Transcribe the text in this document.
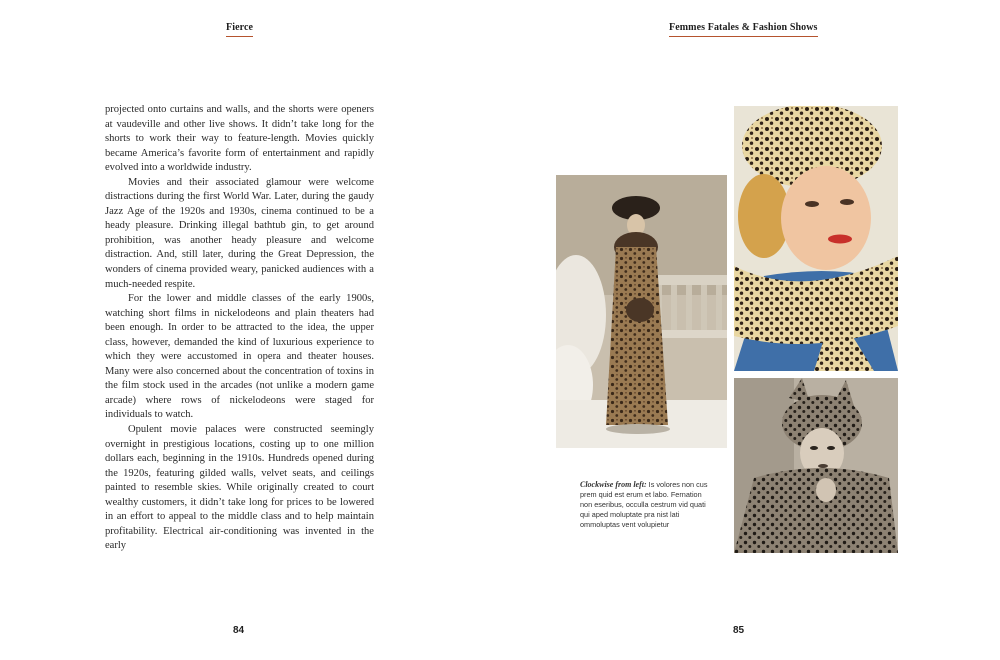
Fierce	Femmes Fatales & Fashion Shows

projected onto curtains and walls, and the shorts were openers at vaudeville and other live shows. It didn’t take long for the shorts to work their way to feature-length. Movies quickly became America’s favorite form of entertainment and rapidly evolved into a worldwide industry.

Movies and their associated glamour were welcome distractions during the first World War. Later, during the gaudy Jazz Age of the 1920s and 1930s, cinema continued to be a heady pleasure. Drinking illegal bathtub gin, to get around prohibition, was another heady pleasure and welcome distraction. And, still later, during the Great Depression, the wonders of cinema provided weary, panicked audiences with a much-needed respite.

For the lower and middle classes of the early 1900s, watching short films in nickelodeons and plain theaters had been enough. In order to be attracted to the idea, the upper class, however, demanded the kind of luxurious experience to which they were accustomed in opera and theater houses. Many were also concerned about the concentration of toxins in the film stock used in the arcades (not unlike a modern game arcade) where rows of nickelodeons were staged for individuals to watch.

Opulent movie palaces were constructed seemingly overnight in prestigious locations, costing up to one million dollars each, beginning in the 1910s. Hundreds opened during the 1920s, featuring gilded walls, velvet seats, and ceilings painted to resemble skies. While originally created to court wealthy customers, it didn’t take long for prices to be lowered in an effort to appeal to the middle class and to help maintain profitability. Electrical air-conditioning was invented in the early

Clockwise from left: Is volores non cus prem quid est erum et labo. Fernation non eseribus, occulla cestrum vid quati qui aped moluptate pra nist lati ommoluptas vent volupietur
84	85
